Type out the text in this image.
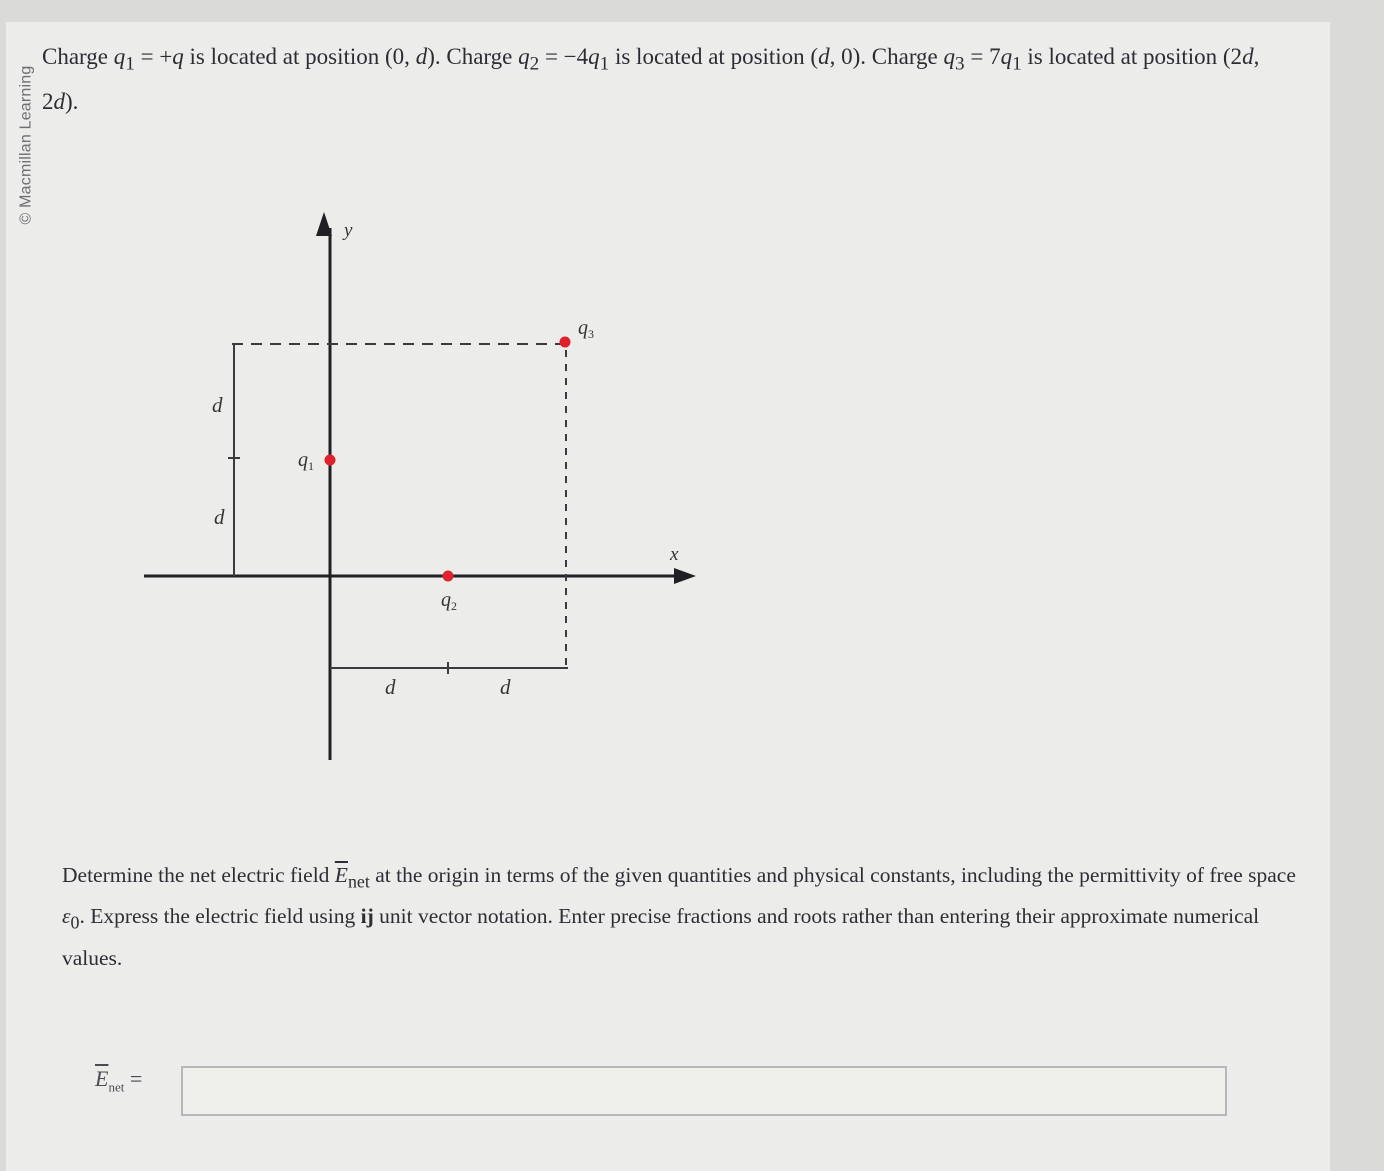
© Macmillan Learning
Charge $q_1 = +q$ is located at position (0, d). Charge $q_2 = -4q_1$ is located at position (d, 0). Charge $q_3 = 7q_1$ is located at position (2d, 2d).
y
x
d
d
d	d
$q_1$
$q_2$
$q_3$
Determine the net electric field $\overline{E}_{net}$ at the origin in terms of the given quantities and physical constants, including the permittivity of free space $\varepsilon_0$. Express the electric field using ij unit vector notation. Enter precise fractions and roots rather than entering their approximate numerical values.
$\overline{E}_{net}$ =
